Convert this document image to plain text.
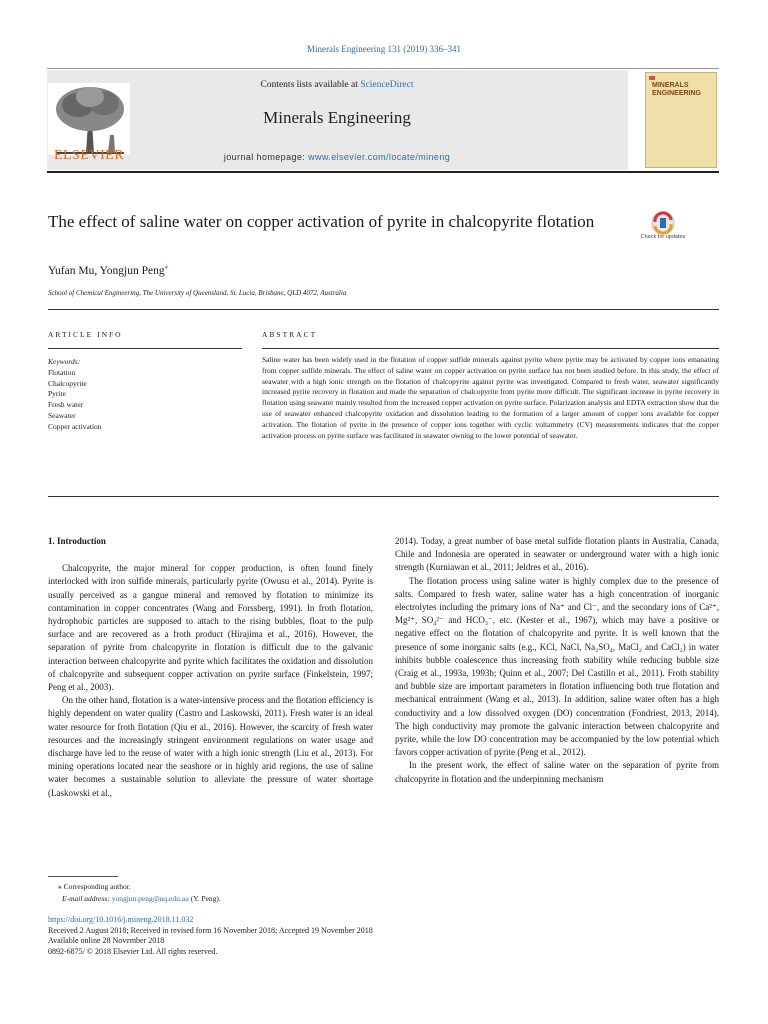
Minerals Engineering 131 (2019) 336–341
ELSEVIER
Contents lists available at ScienceDirect
Minerals Engineering
journal homepage: www.elsevier.com/locate/mineng
MINERALS
ENGINEERING
The effect of saline water on copper activation of pyrite in chalcopyrite flotation
Check for updates
Yufan Mu, Yongjun Peng⁎
School of Chemical Engineering, The University of Queensland, St. Lucia, Brisbane, QLD 4072, Australia
ARTICLE INFO	ABSTRACT
Keywords:
Flotation
Chalcopyrite
Pyrite
Fresh water
Seawater
Copper activation
Saline water has been widely used in the flotation of copper sulfide minerals against pyrite where pyrite may be activated by copper ions emanating from copper sulfide minerals. The effect of saline water on copper activation on pyrite surface has not been studied before. In this study, the effect of seawater with a high ionic strength on the flotation of chalcopyrite against pyrite was investigated. Compared to fresh water, seawater significantly increased pyrite recovery in flotation and made the separation of chalcopyrite from pyrite more difficult. The significant increase in pyrite recovery in flotation using seawater mainly resulted from the increased copper activation on pyrite surface. Polarization analysis and EDTA extraction show that the use of seawater enhanced chalcopyrite oxidation and dissolution leading to the formation of a larger amount of copper ions available for copper activation. The flotation of pyrite in the presence of copper ions together with cyclic voltammetry (CV) measurements indicates that the copper activation process on pyrite surface was facilitated in seawater owning to the lower potential of seawater.
1. Introduction

Chalcopyrite, the major mineral for copper production, is often found finely interlocked with iron sulfide minerals, particularly pyrite (Owusu et al., 2014). Pyrite is usually perceived as a gangue mineral and removed by flotation to minimize its contamination in copper concentrates (Wang and Forssberg, 1991). In froth flotation, hydrophobic particles are supposed to attach to the rising bubbles, float to the pulp surface and are recovered as a froth product (Hirajima et al., 2016). However, the separation of pyrite from chalcopyrite in flotation is difficult due to the galvanic interaction between chalcopyrite and pyrite which facilitates the oxidation and dissolution of chalcopyrite and subsequent copper activation on pyrite surface (Finkelstein, 1997; Peng et al., 2003).

On the other hand, flotation is a water-intensive process and the flotation efficiency is highly dependent on water quality (Castro and Laskowski, 2011). Fresh water is an ideal water resource for froth flotation (Qiu et al., 2016). However, the scarcity of fresh water resources and the increasingly stringent environment regulations on water usage and discharge have led to the reuse of water with a high ionic strength (Liu et al., 2013). For mining operations located near the seashore or in highly arid regions, the use of saline water becomes a sustainable solution to alleviate the pressure of water shortage (Laskowski et al.,

2014). Today, a great number of base metal sulfide flotation plants in Australia, Canada, Chile and Indonesia are operated in seawater or underground water with a high ionic strength (Kurniawan et al., 2011; Jeldres et al., 2016).

The flotation process using saline water is highly complex due to the presence of salts. Compared to fresh water, saline water has a high concentration of inorganic electrolytes including the primary ions of Na⁺ and Cl⁻, and the secondary ions of Ca²⁺, Mg²⁺, SO₄²⁻ and HCO₃⁻, etc. (Kester et al., 1967), which may have a positive or negative effect on the flotation of chalcopyrite and pyrite. It is well known that the presence of some inorganic salts (e.g., KCl, NaCl, Na₂SO₄, MaCl₂ and CaCl₂) in water inhibits bubble coalescence thus increasing froth stability while reducing bubble size (Craig et al., 1993a, 1993b; Quinn et al., 2007; Del Castillo et al., 2011). Froth stability and bubble size are important parameters in flotation influencing both true flotation and mechanical entrainment (Wang et al., 2013). In addition, saline water often has a high conductivity and a low dissolved oxygen (DO) concentration (Fondriest, 2013, 2014). The high conductivity may promote the galvanic interaction between chalcopyrite and pyrite, while the low DO concentration may be accompanied by the low potential which favors copper activation of pyrite (Peng et al., 2012).

In the present work, the effect of saline water on the separation of pyrite from chalcopyrite in flotation and the underpinning mechanism

⁎ Corresponding author.
E-mail address: yongjun.peng@uq.edu.au (Y. Peng).
https://doi.org/10.1016/j.mineng.2018.11.032
Received 2 August 2018; Received in revised form 16 November 2018; Accepted 19 November 2018
Available online 28 November 2018
0892-6875/ © 2018 Elsevier Ltd. All rights reserved.
